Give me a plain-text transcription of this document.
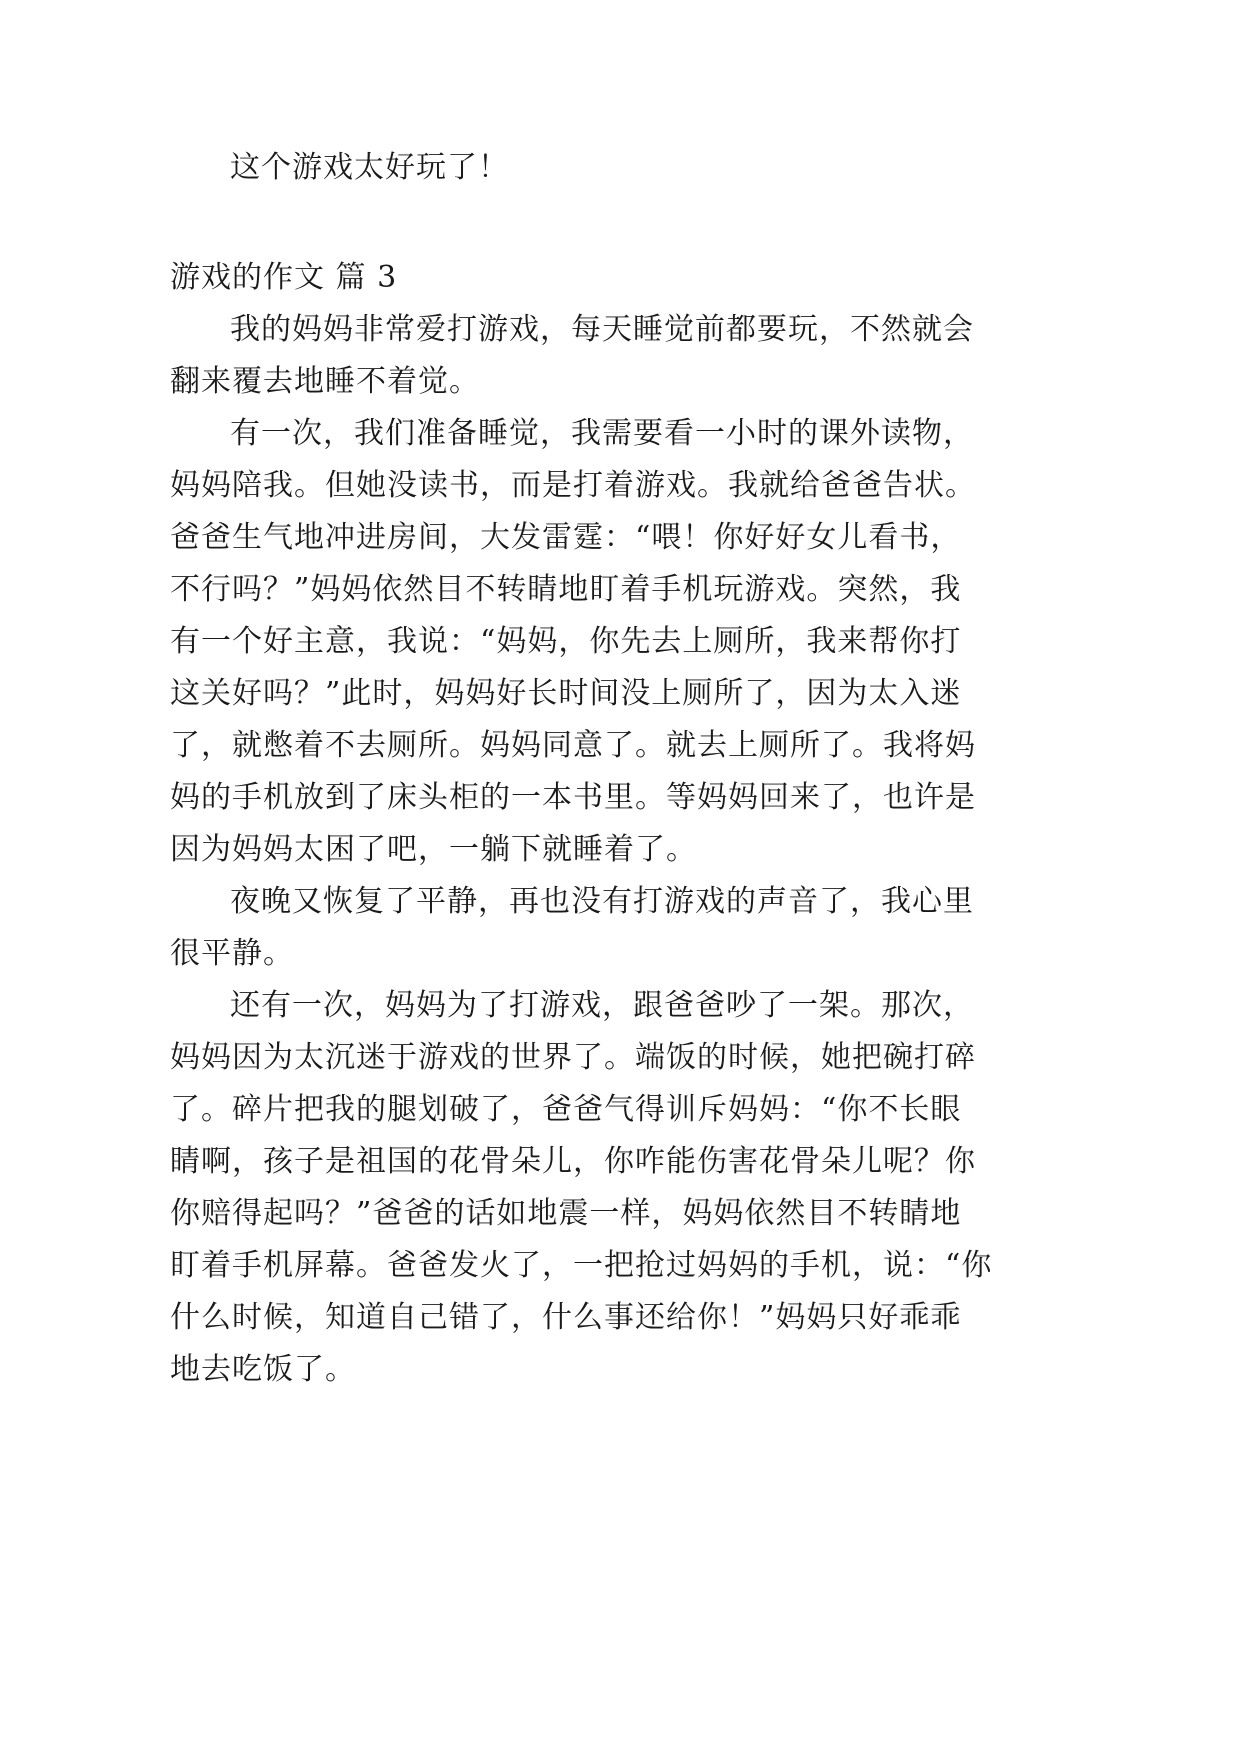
这个游戏太好玩了！
游戏的作文 篇 3
我的妈妈非常爱打游戏，每天睡觉前都要玩，不然就会
翻来覆去地睡不着觉。
有一次，我们准备睡觉，我需要看一小时的课外读物，
妈妈陪我。但她没读书，而是打着游戏。我就给爸爸告状。
爸爸生气地冲进房间，大发雷霆：“喂！你好好女儿看书，
不行吗？”妈妈依然目不转睛地盯着手机玩游戏。突然，我
有一个好主意，我说：“妈妈，你先去上厕所，我来帮你打
这关好吗？”此时，妈妈好长时间没上厕所了，因为太入迷
了，就憋着不去厕所。妈妈同意了。就去上厕所了。我将妈
妈的手机放到了床头柜的一本书里。等妈妈回来了，也许是
因为妈妈太困了吧，一躺下就睡着了。
夜晚又恢复了平静，再也没有打游戏的声音了，我心里
很平静。
还有一次，妈妈为了打游戏，跟爸爸吵了一架。那次，
妈妈因为太沉迷于游戏的世界了。端饭的时候，她把碗打碎
了。碎片把我的腿划破了，爸爸气得训斥妈妈：“你不长眼
睛啊，孩子是祖国的花骨朵儿，你咋能伤害花骨朵儿呢？你
你赔得起吗？”爸爸的话如地震一样，妈妈依然目不转睛地
盯着手机屏幕。爸爸发火了，一把抢过妈妈的手机，说：“你
什么时候，知道自己错了，什么事还给你！”妈妈只好乖乖
地去吃饭了。
